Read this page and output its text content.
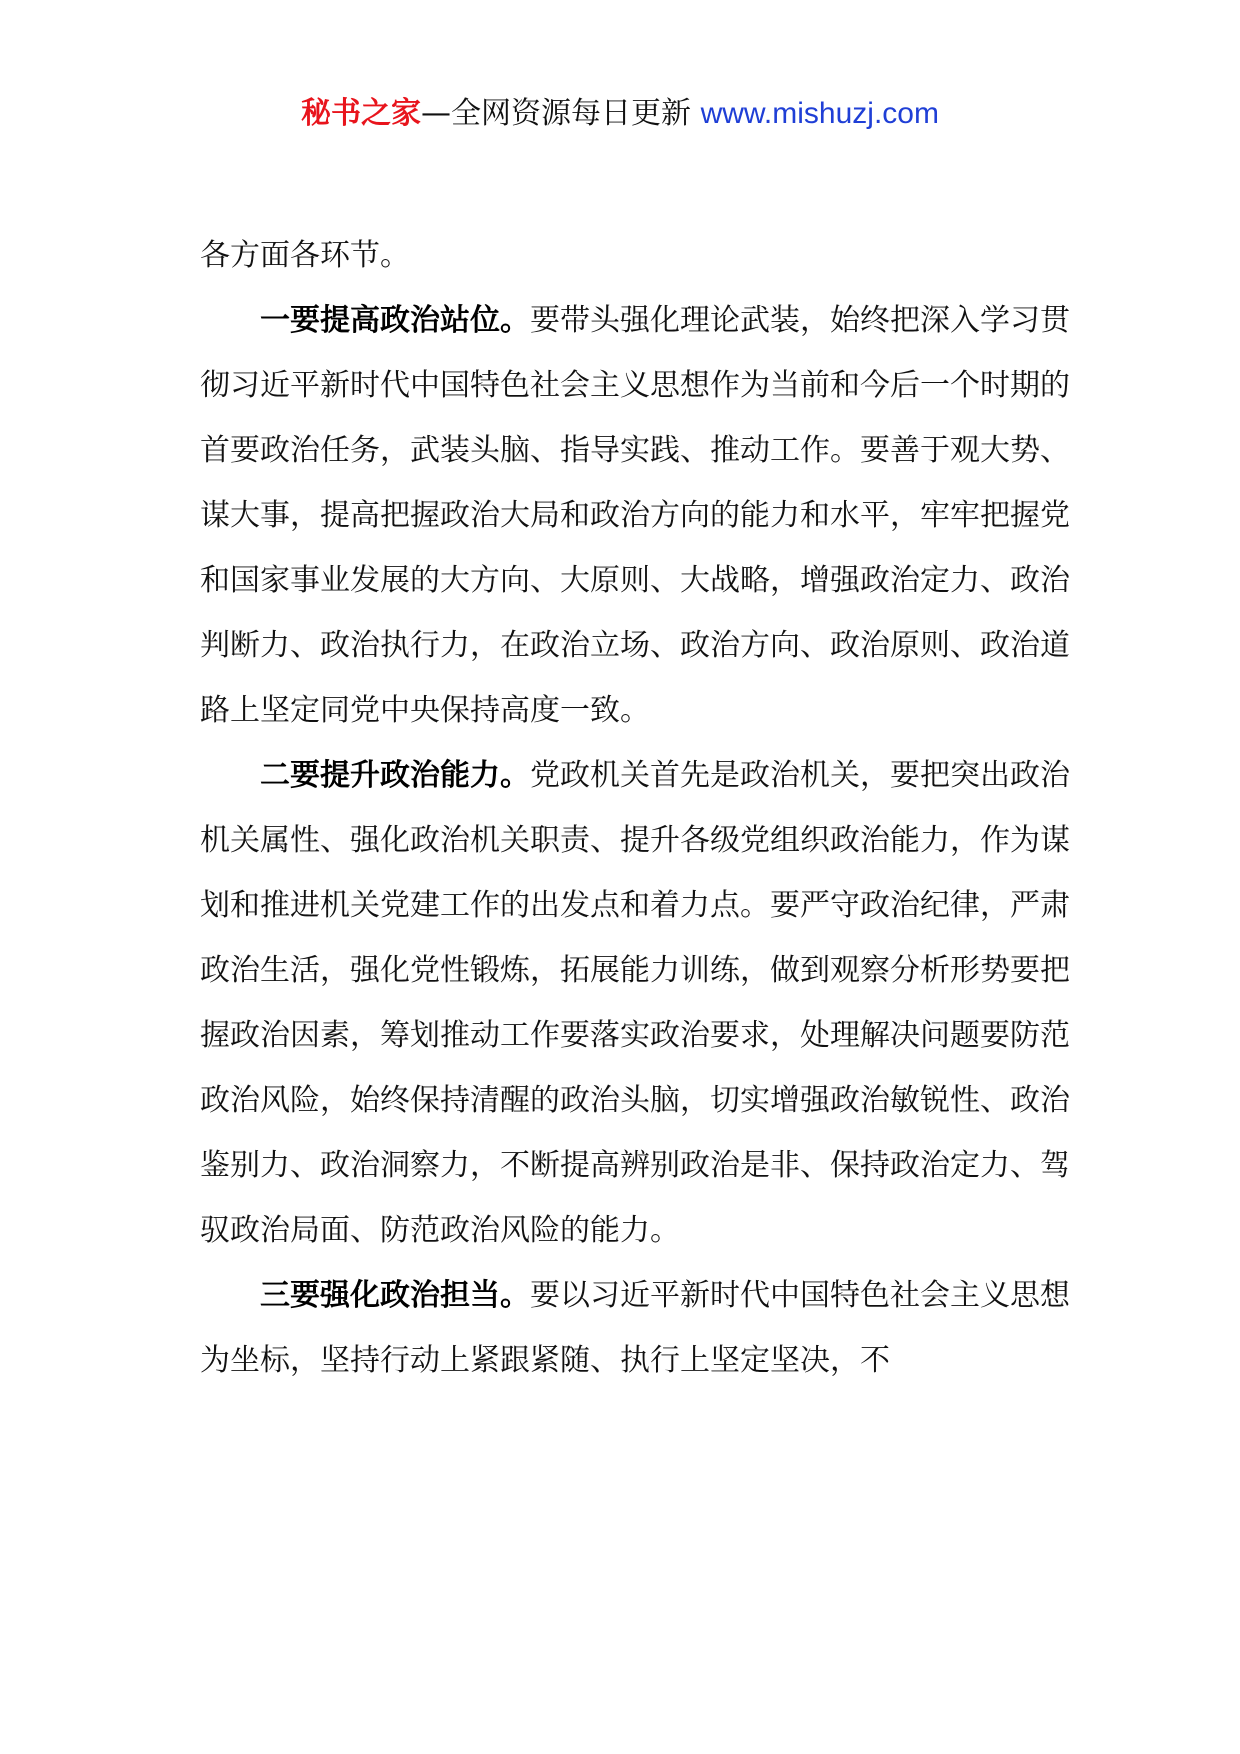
秘书之家—全网资源每日更新 www.mishuzj.com

各方面各环节。

一要提高政治站位。要带头强化理论武装，始终把深入学习贯彻习近平新时代中国特色社会主义思想作为当前和今后一个时期的首要政治任务，武装头脑、指导实践、推动工作。要善于观大势、谋大事，提高把握政治大局和政治方向的能力和水平，牢牢把握党和国家事业发展的大方向、大原则、大战略，增强政治定力、政治判断力、政治执行力，在政治立场、政治方向、政治原则、政治道路上坚定同党中央保持高度一致。

二要提升政治能力。党政机关首先是政治机关，要把突出政治机关属性、强化政治机关职责、提升各级党组织政治能力，作为谋划和推进机关党建工作的出发点和着力点。要严守政治纪律，严肃政治生活，强化党性锻炼，拓展能力训练，做到观察分析形势要把握政治因素，筹划推动工作要落实政治要求，处理解决问题要防范政治风险，始终保持清醒的政治头脑，切实增强政治敏锐性、政治鉴别力、政治洞察力，不断提高辨别政治是非、保持政治定力、驾驭政治局面、防范政治风险的能力。

三要强化政治担当。要以习近平新时代中国特色社会主义思想为坐标，坚持行动上紧跟紧随、执行上坚定坚决，不
